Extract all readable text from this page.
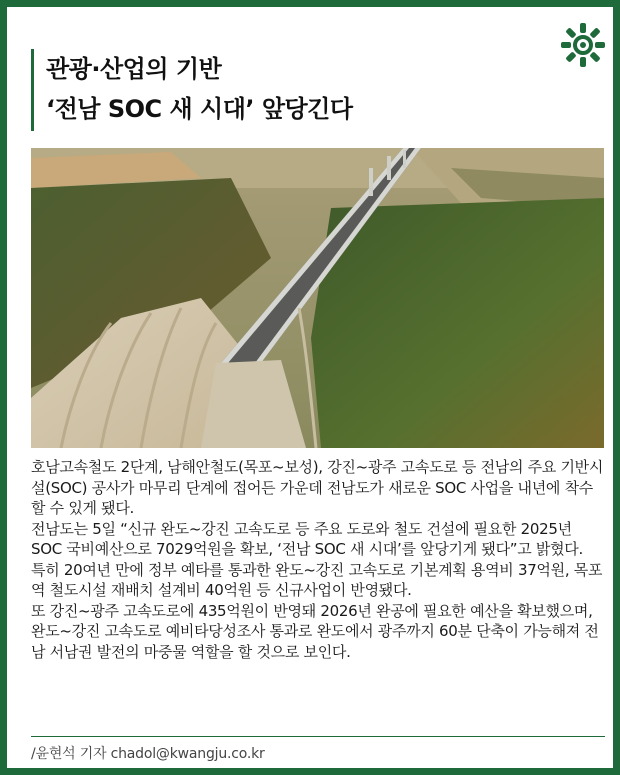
관광·산업의 기반
‘전남 SOC 새 시대’ 앞당긴다

호남고속철도 2단계, 남해안철도(목포~보성), 강진~광주 고속도로 등 전남의 주요 기반시설(SOC) 공사가 마무리 단계에 접어든 가운데 전남도가 새로운 SOC 사업을 내년에 착수할 수 있게 됐다.

전남도는 5일 “신규 완도~강진 고속도로 등 주요 도로와 철도 건설에 필요한 2025년 SOC 국비예산으로 7029억원을 확보, ‘전남 SOC 새 시대’를 앞당기게 됐다”고 밝혔다.

특히 20여년 만에 정부 예타를 통과한 완도~강진 고속도로 기본계획 용역비 37억원, 목포역 철도시설 재배치 설계비 40억원 등 신규사업이 반영됐다.

또 강진~광주 고속도로에 435억원이 반영돼 2026년 완공에 필요한 예산을 확보했으며, 완도~강진 고속도로 예비타당성조사 통과로 완도에서 광주까지 60분 단축이 가능해져 전남 서남권 발전의 마중물 역할을 할 것으로 보인다.

/윤현석 기자 chadol@kwangju.co.kr
